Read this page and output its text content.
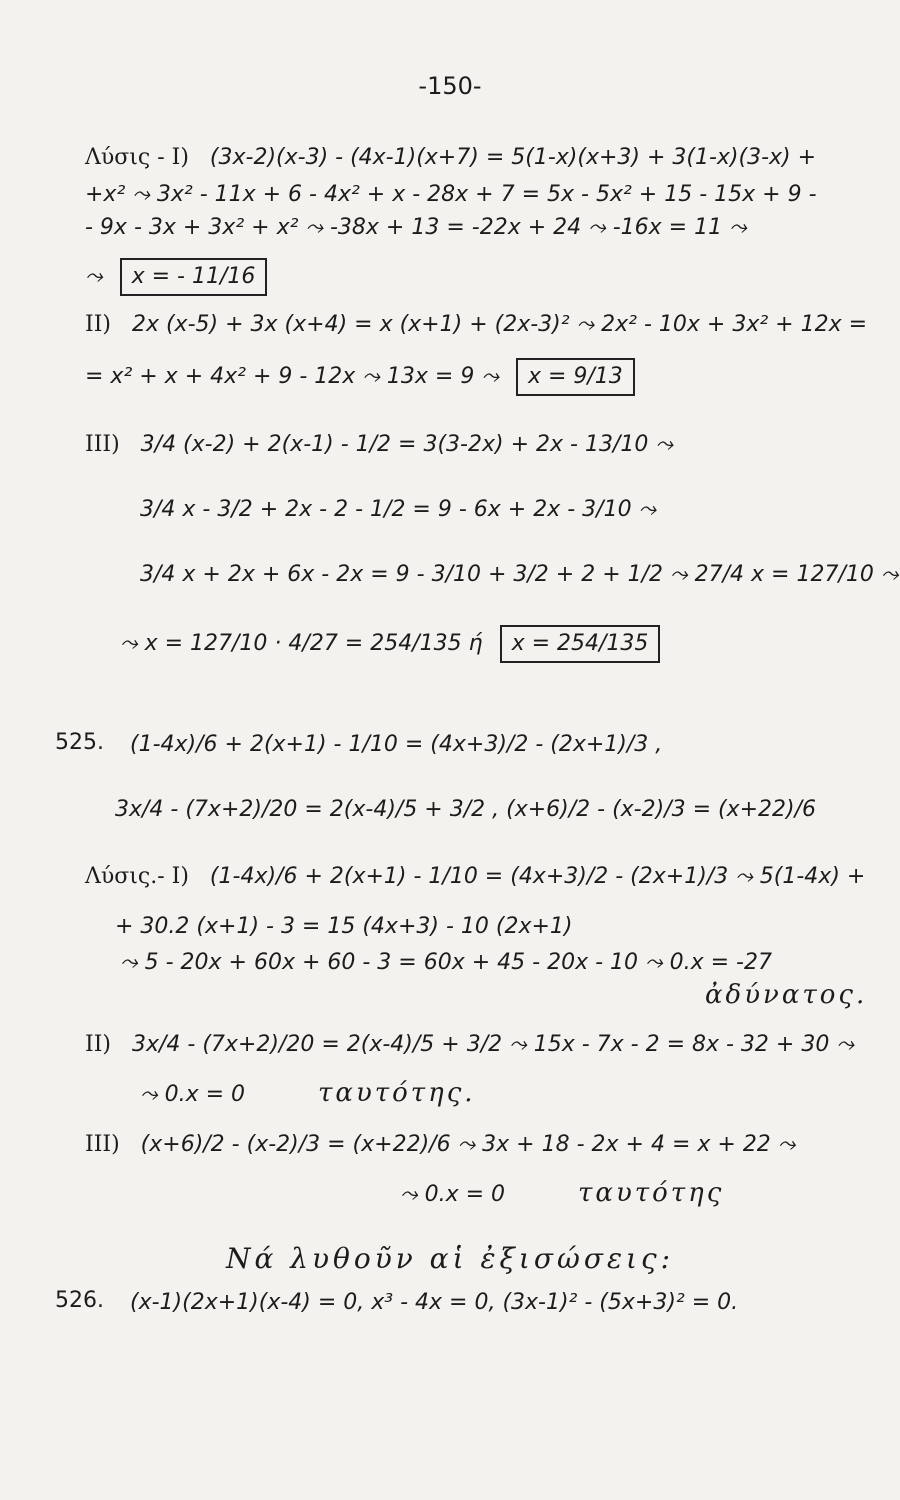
-150-
Λύσις - I) (3x-2)(x-3) - (4x-1)(x+7) = 5(1-x)(x+3) + 3(1-x)(3-x) +
+x² ⤳ 3x² - 11x + 6 - 4x² + x - 28x + 7 = 5x - 5x² + 15 - 15x + 9 -
- 9x - 3x + 3x² + x² ⤳ -38x + 13 = -22x + 24 ⤳ -16x = 11 ⤳
⤳ x = - 11/16
II) 2x (x-5) + 3x (x+4) = x (x+1) + (2x-3)² ⤳ 2x² - 10x + 3x² + 12x =
= x² + x + 4x² + 9 - 12x ⤳ 13x = 9 ⤳ x = 9/13
III) 3/4 (x-2) + 2(x-1) - 1/2 = 3(3-2x) + 2x - 13/10 ⤳
3/4 x - 3/2 + 2x - 2 - 1/2 = 9 - 6x + 2x - 3/10 ⤳
3/4 x + 2x + 6x - 2x = 9 - 3/10 + 3/2 + 2 + 1/2 ⤳ 27/4 x = 127/10 ⤳
⤳ x = 127/10 · 4/27 = 254/135 ή x = 254/135
525. (1-4x)/6 + 2(x+1) - 1/10 = (4x+3)/2 - (2x+1)/3 ,
3x/4 - (7x+2)/20 = 2(x-4)/5 + 3/2 , (x+6)/2 - (x-2)/3 = (x+22)/6
Λύσις.- I) (1-4x)/6 + 2(x+1) - 1/10 = (4x+3)/2 - (2x+1)/3 ⤳ 5(1-4x) +
+ 30.2 (x+1) - 3 = 15 (4x+3) - 10 (2x+1)
⤳ 5 - 20x + 60x + 60 - 3 = 60x + 45 - 20x - 10 ⤳ 0.x = -27
ἀδύνατος.
II) 3x/4 - (7x+2)/20 = 2(x-4)/5 + 3/2 ⤳ 15x - 7x - 2 = 8x - 32 + 30 ⤳
⤳ 0.x = 0	ταυτότης.
III) (x+6)/2 - (x-2)/3 = (x+22)/6 ⤳ 3x + 18 - 2x + 4 = x + 22 ⤳
⤳ 0.x = 0	ταυτότης
Νά λυθοῦν αἱ ἐξισώσεις:
526. (x-1)(2x+1)(x-4) = 0, x³ - 4x = 0, (3x-1)² - (5x+3)² = 0.
